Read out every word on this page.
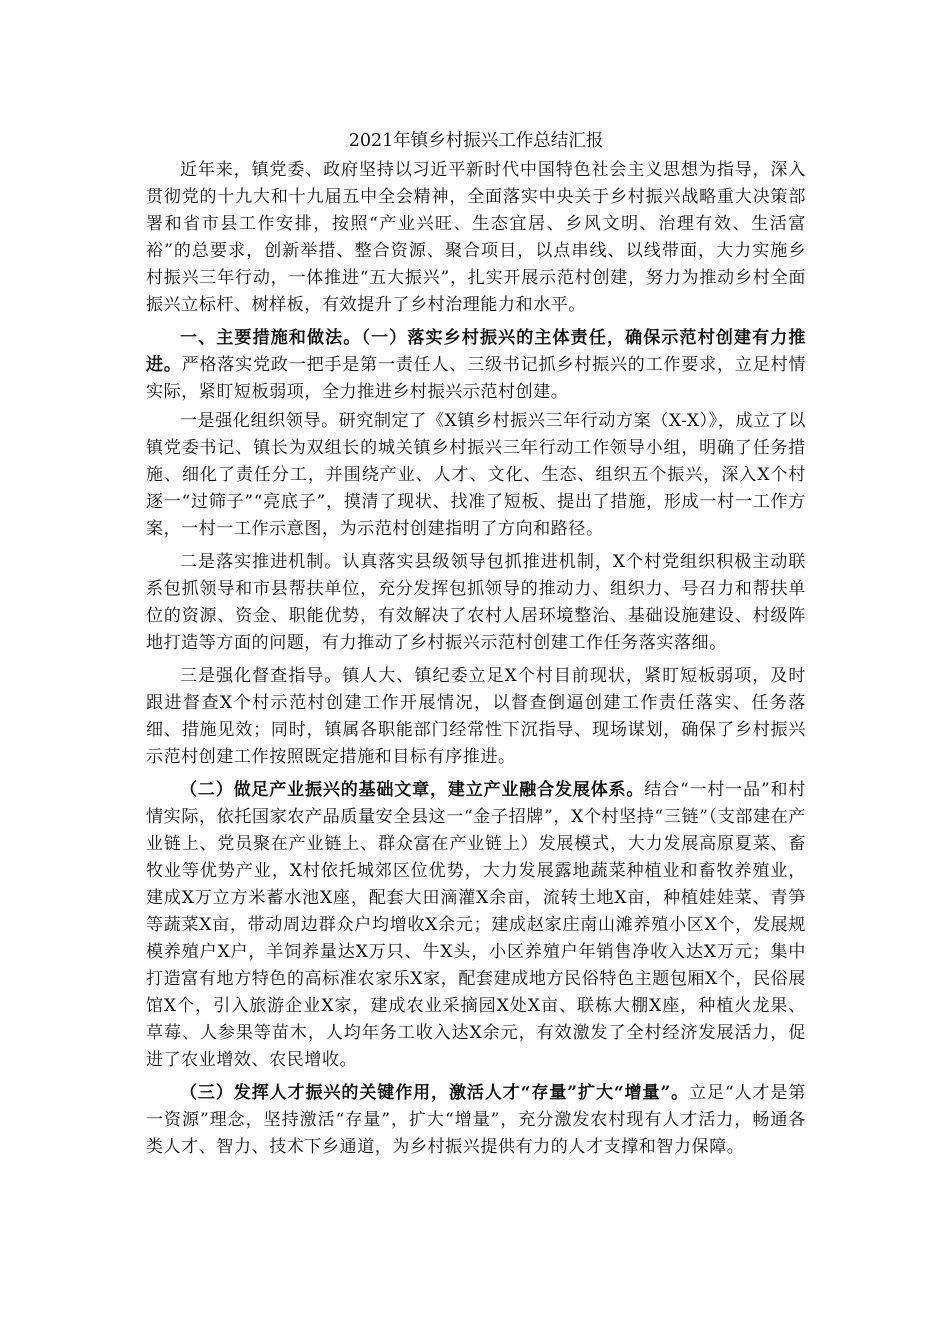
2021年镇乡村振兴工作总结汇报

近年来，镇党委、政府坚持以习近平新时代中国特色社会主义思想为指导，深入贯彻党的十九大和十九届五中全会精神，全面落实中央关于乡村振兴战略重大决策部署和省市县工作安排，按照“产业兴旺、生态宜居、乡风文明、治理有效、生活富裕”的总要求，创新举措、整合资源、聚合项目，以点串线、以线带面，大力实施乡村振兴三年行动，一体推进“五大振兴”，扎实开展示范村创建，努力为推动乡村全面振兴立标杆、树样板，有效提升了乡村治理能力和水平。

一、主要措施和做法。（一）落实乡村振兴的主体责任，确保示范村创建有力推进。严格落实党政一把手是第一责任人、三级书记抓乡村振兴的工作要求，立足村情实际，紧盯短板弱项，全力推进乡村振兴示范村创建。

一是强化组织领导。研究制定了《X镇乡村振兴三年行动方案（X-X）》，成立了以镇党委书记、镇长为双组长的城关镇乡村振兴三年行动工作领导小组，明确了任务措施、细化了责任分工，并围绕产业、人才、文化、生态、组织五个振兴，深入X个村逐一“过筛子”“亮底子”，摸清了现状、找准了短板、提出了措施，形成一村一工作方案，一村一工作示意图，为示范村创建指明了方向和路径。

二是落实推进机制。认真落实县级领导包抓推进机制，X个村党组织积极主动联系包抓领导和市县帮扶单位，充分发挥包抓领导的推动力、组织力、号召力和帮扶单位的资源、资金、职能优势，有效解决了农村人居环境整治、基础设施建设、村级阵地打造等方面的问题，有力推动了乡村振兴示范村创建工作任务落实落细。

三是强化督查指导。镇人大、镇纪委立足X个村目前现状，紧盯短板弱项，及时跟进督查X个村示范村创建工作开展情况，以督查倒逼创建工作责任落实、任务落细、措施见效；同时，镇属各职能部门经常性下沉指导、现场谋划，确保了乡村振兴示范村创建工作按照既定措施和目标有序推进。

（二）做足产业振兴的基础文章，建立产业融合发展体系。结合“一村一品”和村情实际，依托国家农产品质量安全县这一“金子招牌”，X个村坚持“三链”（支部建在产业链上、党员聚在产业链上、群众富在产业链上）发展模式，大力发展高原夏菜、畜牧业等优势产业，X村依托城郊区位优势，大力发展露地蔬菜种植业和畜牧养殖业，建成X万立方米蓄水池X座，配套大田滴灌X余亩，流转土地X亩，种植娃娃菜、青笋等蔬菜X亩，带动周边群众户均增收X余元；建成赵家庄南山滩养殖小区X个，发展规模养殖户X户，羊饲养量达X万只、牛X头，小区养殖户年销售净收入达X万元；集中打造富有地方特色的高标准农家乐X家，配套建成地方民俗特色主题包厢X个，民俗展馆X个，引入旅游企业X家，建成农业采摘园X处X亩、联栋大棚X座，种植火龙果、草莓、人参果等苗木，人均年务工收入达X余元，有效激发了全村经济发展活力，促进了农业增效、农民增收。

（三）发挥人才振兴的关键作用，激活人才“存量”扩大“增量”。立足“人才是第一资源”理念，坚持激活“存量”，扩大“增量”，充分激发农村现有人才活力，畅通各类人才、智力、技术下乡通道，为乡村振兴提供有力的人才支撑和智力保障。
